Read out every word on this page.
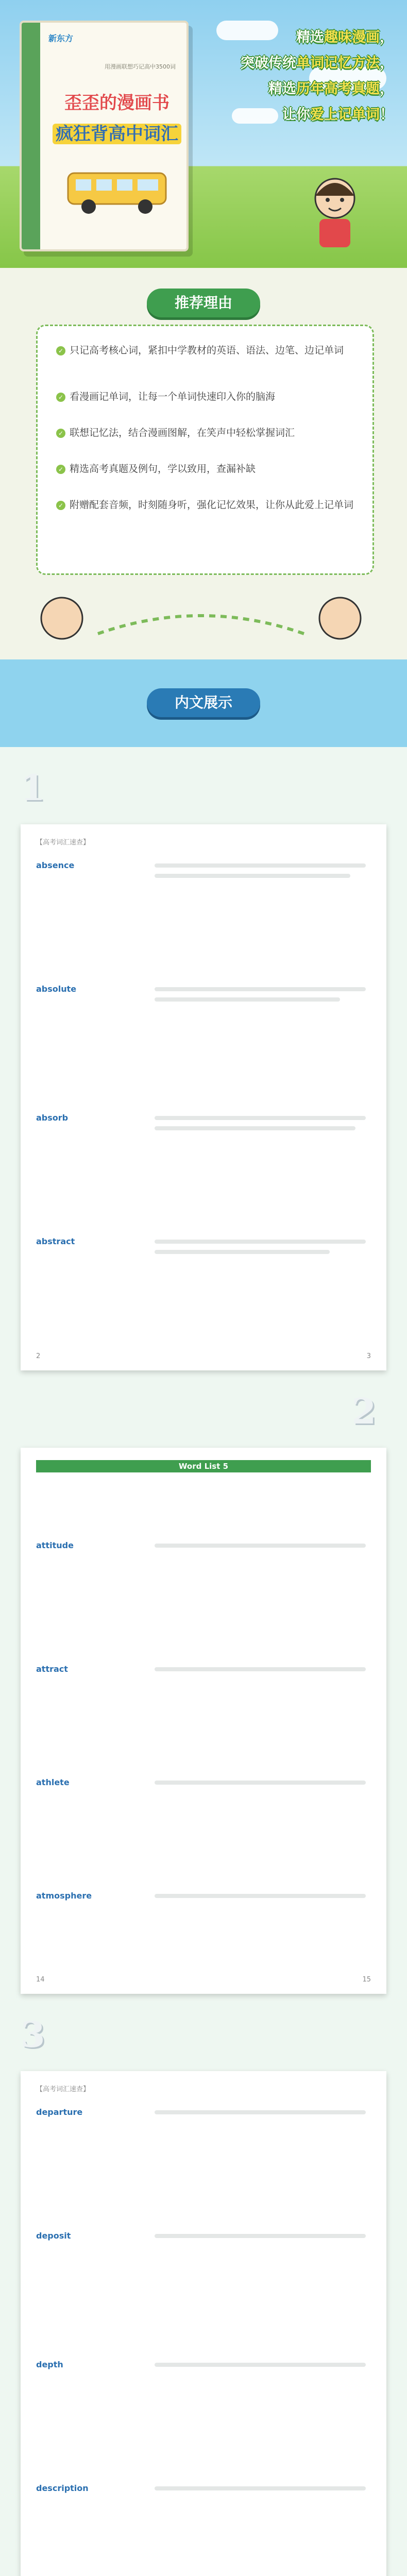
新东方
用漫画联想巧记高中3500词
歪歪的漫画书
疯狂背高中词汇
精选趣味漫画，
突破传统单词记忆方法，
精选历年高考真题，
让你爱上记单词！
推荐理由
✓ 只记高考核心词，紧扣中学教材的英语、语法、边笔、边记单词
✓ 看漫画记单词，让每一个单词快速印入你的脑海
✓ 联想记忆法，结合漫画图解，在笑声中轻松掌握词汇
✓ 精选高考真题及例句，学以致用，查漏补缺
✓ 附赠配套音频，时刻随身听，强化记忆效果，让你从此爱上记单词
内文展示
1
【高考词汇速查】
absence
absolute
absorb
abstract
2	3
2
Word List 5
attitude
attract
athlete
atmosphere
14	15
3
【高考词汇速查】
departure
deposit
depth
description
